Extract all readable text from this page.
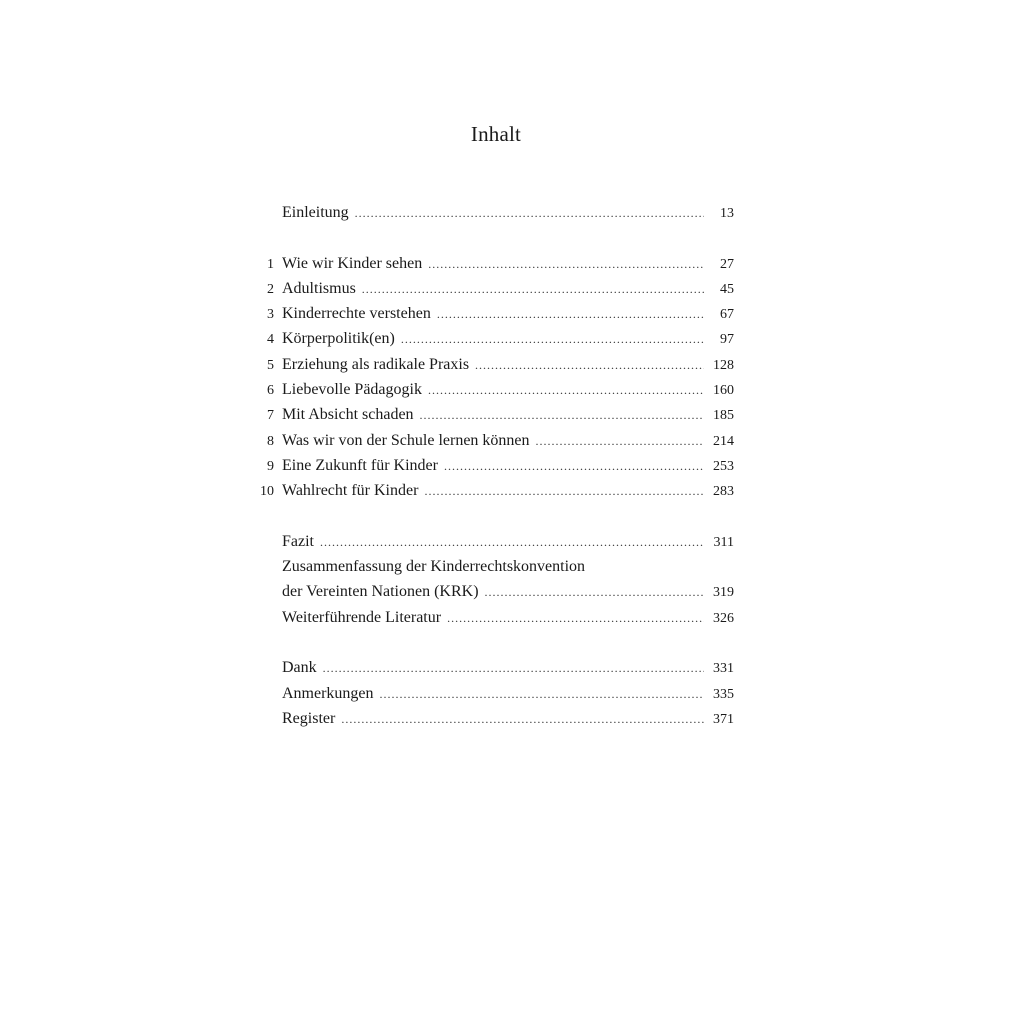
Inhalt
Einleitung .....	13
1 Wie wir Kinder sehen .....	27
2 Adultismus .....	45
3 Kinderrechte verstehen .....	67
4 Körperpolitik(en) .....	97
5 Erziehung als radikale Praxis .....	128
6 Liebevolle Pädagogik .....	160
7 Mit Absicht schaden .....	185
8 Was wir von der Schule lernen können .....	214
9 Eine Zukunft für Kinder .....	253
10 Wahlrecht für Kinder .....	283
Fazit .....	311
Zusammenfassung der Kinderrechtskonvention
der Vereinten Nationen (KRK) .....	319
Weiterführende Literatur .....	326
Dank .....	331
Anmerkungen .....	335
Register .....	371
